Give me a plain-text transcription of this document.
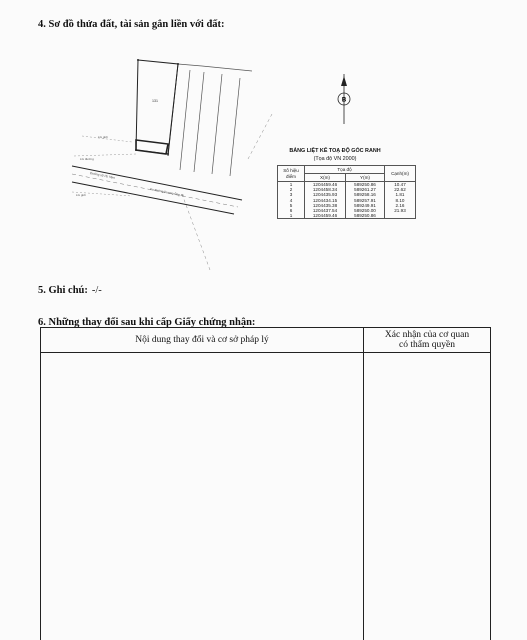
4. Sơ đồ thửa đất, tài sản gắn liền với đất:
131
Đường số 16, hẻm
Ko đường Dương Ông Ri
LG giới
LG đường
LG giới
B
BẢNG LIỆT KÊ TOẠ ĐỘ GÓC RANH
(Tọa độ VN 2000)
Số hiệu
điểm	Tọa độ		Cạnh(m)
	X(m)	Y(m)	
1	1204459.46	589250.86	10.47
2	1204458.34	589261.27	22.62
3	1204435.93	589258.16	1.81
4	1204434.15	589257.91	8.10
5	1204435.38	589249.91	2.16
6	1204437.54	589250.00	21.93
1	1204459.46	589250.86	
5. Ghi chú: -/-
6. Những thay đổi sau khi cấp Giấy chứng nhận:
Nội dung thay đổi và cơ sở pháp lý	Xác nhận của cơ quan
có thẩm quyền
